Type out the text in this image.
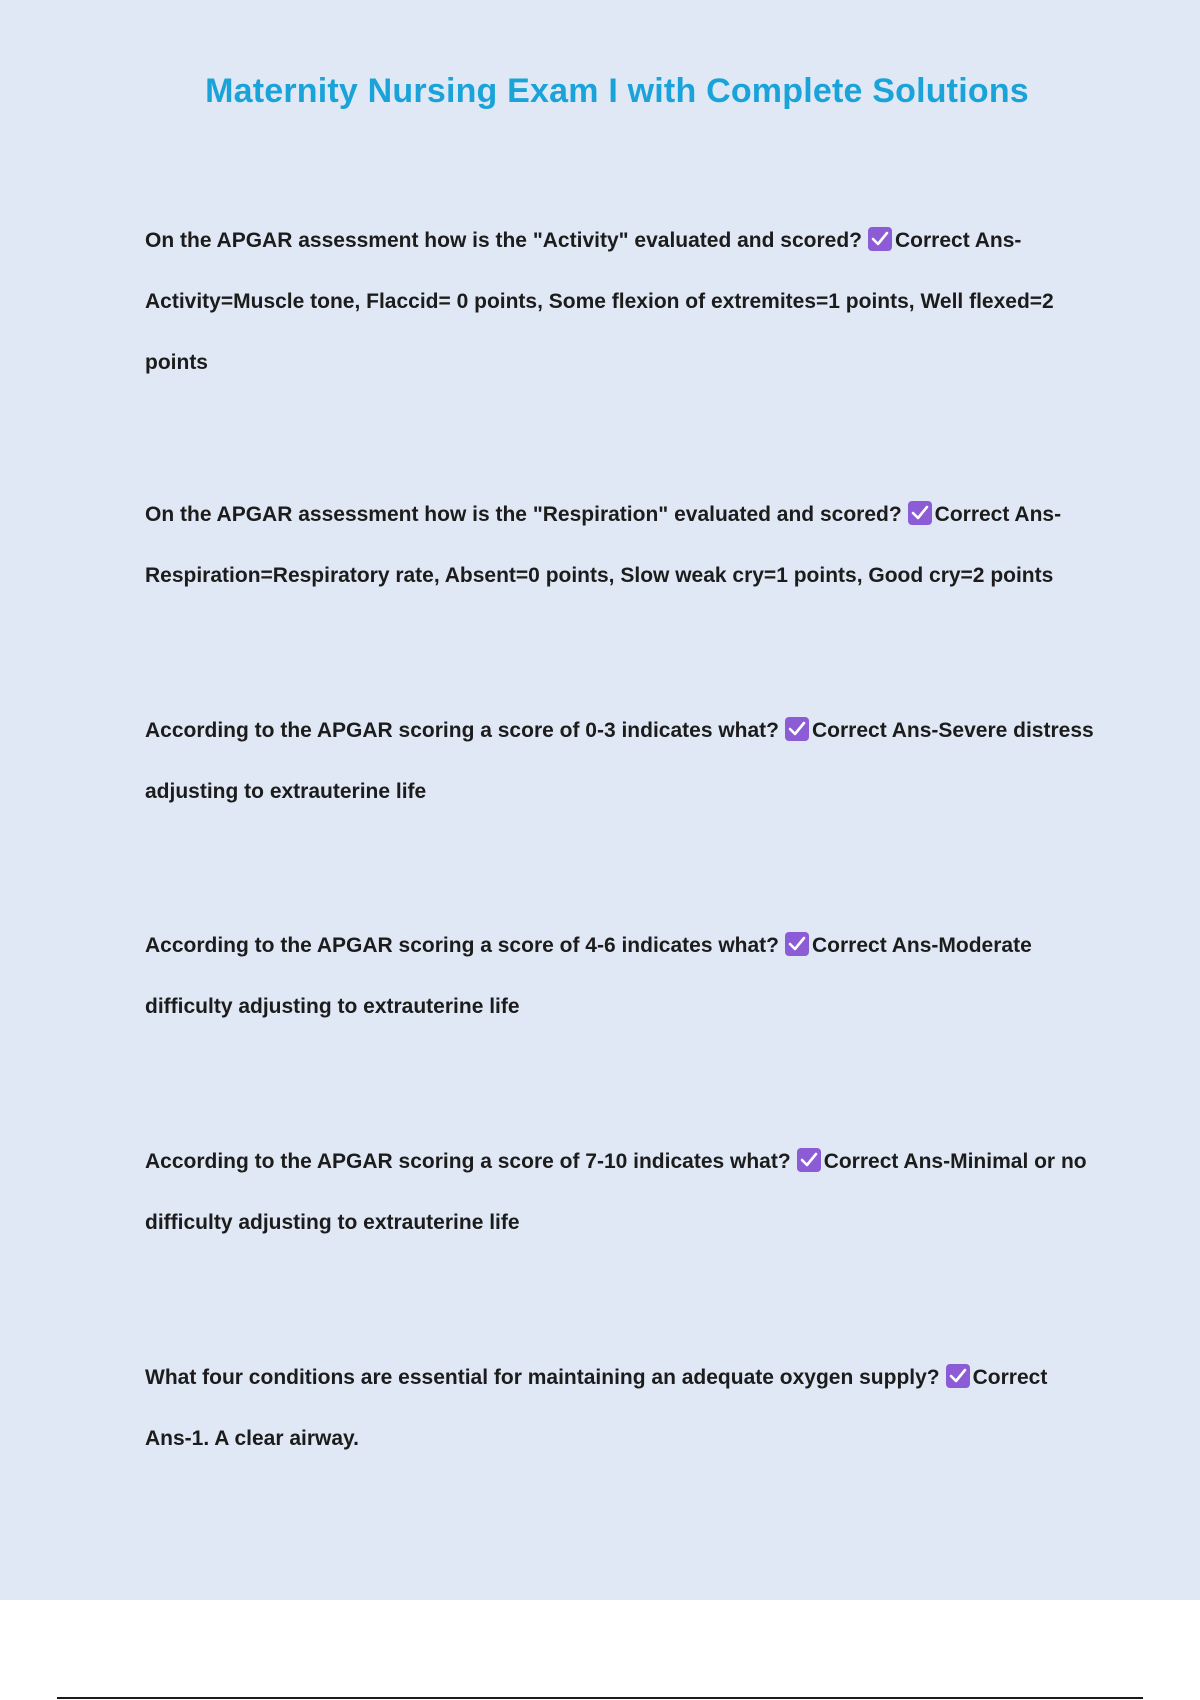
Maternity Nursing Exam I with Complete Solutions
On the APGAR assessment how is the "Activity" evaluated and scored? Correct Ans-Activity=Muscle tone, Flaccid= 0 points, Some flexion of extremites=1 points, Well flexed=2 points
On the APGAR assessment how is the "Respiration" evaluated and scored? Correct Ans-Respiration=Respiratory rate, Absent=0 points, Slow weak cry=1 points, Good cry=2 points
According to the APGAR scoring a score of 0-3 indicates what? Correct Ans-Severe distress adjusting to extrauterine life
According to the APGAR scoring a score of 4-6 indicates what? Correct Ans-Moderate difficulty adjusting to extrauterine life
According to the APGAR scoring a score of 7-10 indicates what? Correct Ans-Minimal or no difficulty adjusting to extrauterine life
What four conditions are essential for maintaining an adequate oxygen supply? Correct Ans-1. A clear airway.
